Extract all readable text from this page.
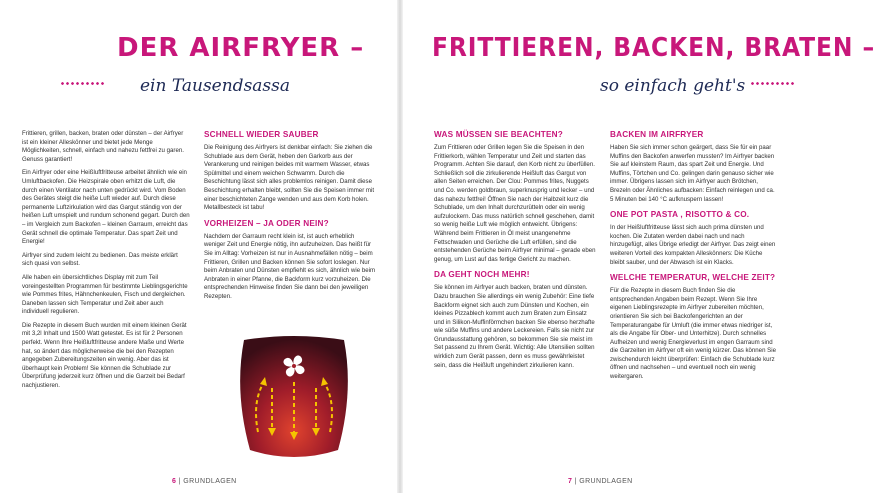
DER AIRFRYER –
ein Tausendsassa

Frittieren, grillen, backen, braten oder dünsten – der Airfryer ist ein kleiner Alleskönner und bietet jede Menge Möglichkeiten, schnell, einfach und nahezu fettfrei zu garen. Genuss garantiert!

Ein Airfryer oder eine Heißluftfritteuse arbeitet ähnlich wie ein Umluftbackofen. Die Heizspirale oben erhitzt die Luft, die durch einen Ventilator nach unten gedrückt wird. Vom Boden des Gerätes steigt die heiße Luft wieder auf. Durch diese permanente Luftzirkulation wird das Gargut ständig von der heißen Luft umspielt und rundum schonend gegart. Durch den – im Vergleich zum Backofen – kleinen Garraum, erreicht das Gerät schnell die optimale Temperatur. Das spart Zeit und Energie!

Airfryer sind zudem leicht zu bedienen. Das meiste erklärt sich quasi von selbst.

Alle haben ein übersichtliches Display mit zum Teil voreingestellten Programmen für bestimmte Lieblingsgerichte wie Pommes frites, Hähnchenkeulen, Fisch und dergleichen. Daneben lassen sich Temperatur und Zeit aber auch individuell regulieren.

Die Rezepte in diesem Buch wurden mit einem kleinen Gerät mit 3,2l Inhalt und 1500 Watt getestet. Es ist für 2 Personen perfekt. Wenn Ihre Heißluftfritteuse andere Maße und Werte hat, so ändert das möglicherweise die bei den Rezepten angegeben Zubereitungszeiten ein wenig. Aber das ist überhaupt kein Problem! Sie können die Schublade zur Überprüfung jederzeit kurz öffnen und die Garzeit bei Bedarf nachjustieren.

SCHNELL WIEDER SAUBER

Die Reinigung des Airfryers ist denkbar einfach: Sie ziehen die Schublade aus dem Gerät, heben den Garkorb aus der Verankerung und reinigen beides mit warmem Wasser, etwas Spülmittel und einem weichen Schwamm. Durch die Beschichtung lässt sich alles problemlos reinigen. Damit diese Beschichtung erhalten bleibt, sollten Sie die Speisen immer mit einer beschichteten Zange wenden und aus dem Korb holen. Metallbesteck ist tabu!

VORHEIZEN – JA ODER NEIN?

Nachdem der Garraum recht klein ist, ist auch erheblich weniger Zeit und Energie nötig, ihn aufzuheizen. Das heißt für Sie im Alltag: Vorheizen ist nur in Ausnahmefällen nötig – beim Frittieren, Grillen und Backen können Sie sofort loslegen. Nur beim Anbraten und Dünsten empfiehlt es sich, ähnlich wie beim Anbraten in einer Pfanne, die Backform kurz vorzuheizen. Die entsprechenden Hinweise finden Sie dann bei den jeweiligen Rezepten.

6 | GRUNDLAGEN
FRITTIEREN, BACKEN, BRATEN –
so einfach geht's
WAS MÜSSEN SIE BEACHTEN?

Zum Frittieren oder Grillen legen Sie die Speisen in den Frittierkorb, wählen Temperatur und Zeit und starten das Programm. Achten Sie darauf, den Korb nicht zu überfüllen. Schließlich soll die zirkulierende Heißluft das Gargut von allen Seiten erreichen. Der Clou: Pommes frites, Nuggets und Co. werden goldbraun, superknusprig und lecker – und das nahezu fettfrei! Öffnen Sie nach der Halbzeit kurz die Schublade, um den Inhalt durchzurütteln oder ein wenig aufzulockern. Das muss natürlich schnell geschehen, damit so wenig heiße Luft wie möglich entweicht. Übrigens: Während beim Frittieren in Öl meist unangenehme Fettschwaden und Gerüche die Luft erfüllen, sind die entstehenden Gerüche beim Airfryer minimal – gerade eben genug, um Lust auf das fertige Gericht zu machen.

DA GEHT NOCH MEHR!

Sie können im Airfryer auch backen, braten und dünsten. Dazu brauchen Sie allerdings ein wenig Zubehör: Eine tiefe Backform eignet sich auch zum Dünsten und Kochen, ein kleines Pizzablech kommt auch zum Braten zum Einsatz und in Silikon-Muffinförmchen backen Sie ebenso herzhafte wie süße Muffins und andere Leckereien. Falls sie nicht zur Grundausstattung gehören, so bekommen Sie sie meist im Set passend zu Ihrem Gerät. Wichtig: Alle Utensilien sollten wirklich zum Gerät passen, denn es muss gewährleistet sein, dass die Heißluft ungehindert zirkulieren kann.

BACKEN IM AIRFRYER

Haben Sie sich immer schon geärgert, dass Sie für ein paar Muffins den Backofen anwerfen mussten? Im Airfryer backen Sie auf kleinstem Raum, das spart Zeit und Energie. Und Muffins, Törtchen und Co. gelingen darin genauso sicher wie immer. Übrigens lassen sich im Airfryer auch Brötchen, Brezeln oder Ähnliches aufbacken: Einfach reinlegen und ca. 5 Minuten bei 140 °C aufknuspern lassen!

ONE POT PASTA , RISOTTO & CO.

In der Heißluftfritteuse lässt sich auch prima dünsten und kochen. Die Zutaten werden dabei nach und nach hinzugefügt, alles Übrige erledigt der Airfryer. Das zeigt einen weiteren Vorteil des kompakten Alleskönners: Die Küche bleibt sauber, und der Abwasch ist ein Klacks.

WELCHE TEMPERATUR, WELCHE ZEIT?

Für die Rezepte in diesem Buch finden Sie die entsprechenden Angaben beim Rezept. Wenn Sie Ihre eigenen Lieblingsrezepte im Airfryer zubereiten möchten, orientieren Sie sich bei Backofengerichten an der Temperaturangabe für Umluft (die immer etwas niedriger ist, als die Angabe für Ober- und Unterhitze). Durch schnelles Aufheizen und wenig Energieverlust im engen Garraum sind die Garzeiten im Airfryer oft ein wenig kürzer. Das können Sie zwischendurch leicht überprüfen: Einfach die Schublade kurz öffnen und nachsehen – und eventuell noch ein wenig weitergaren.

7 | GRUNDLAGEN
